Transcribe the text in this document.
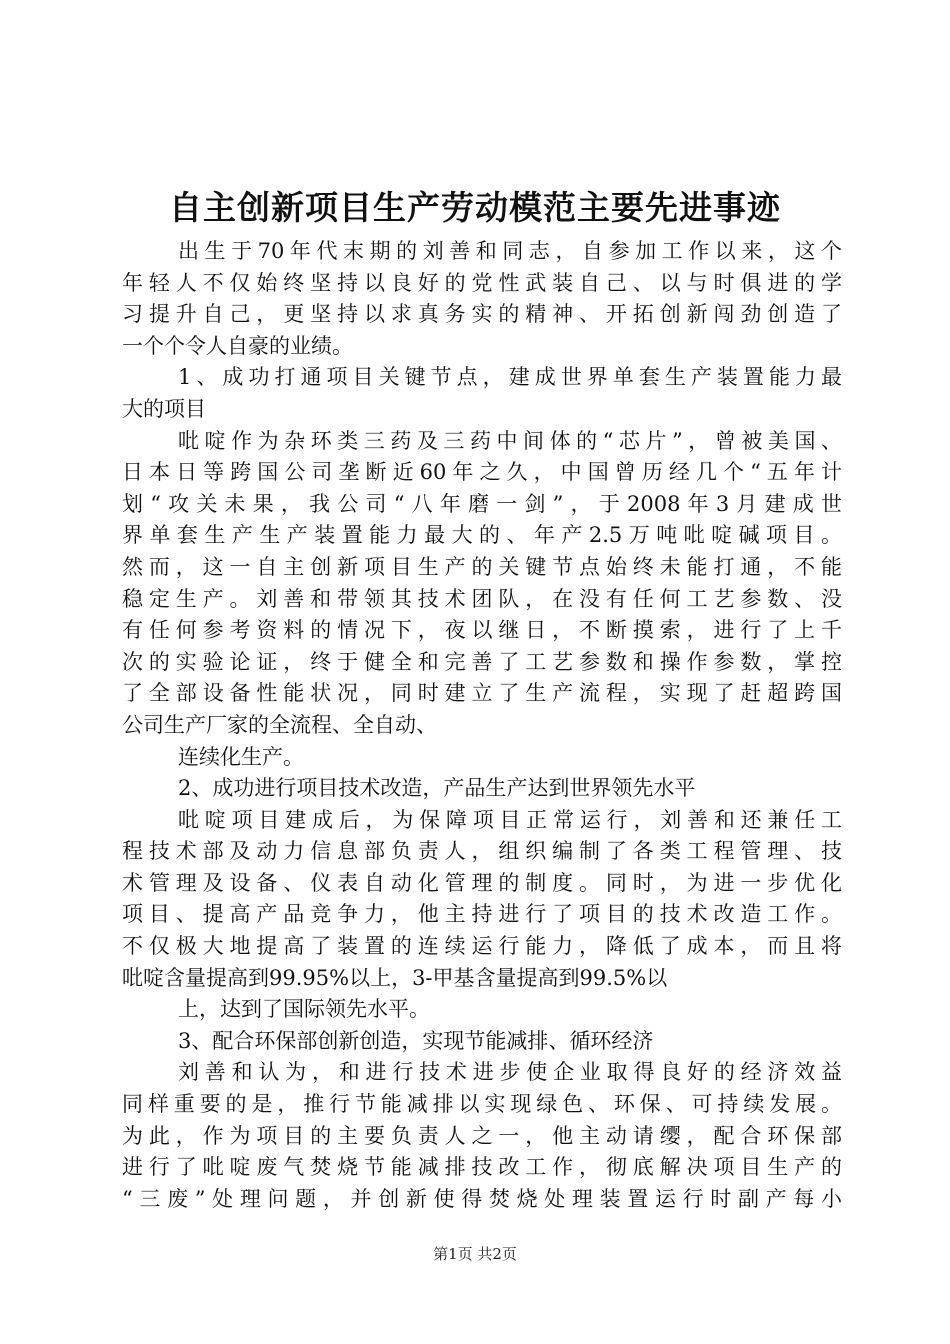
自主创新项目生产劳动模范主要先进事迹
出生于70年代末期的刘善和同志，自参加工作以来，这个
年轻人不仅始终坚持以良好的党性武装自己、以与时俱进的学
习提升自己，更坚持以求真务实的精神、开拓创新闯劲创造了
一个个令人自豪的业绩。
1、成功打通项目关键节点，建成世界单套生产装置能力最
大的项目
吡啶作为杂环类三药及三药中间体的“芯片”，曾被美国、
日本日等跨国公司垄断近60年之久，中国曾历经几个“五年计
划“攻关未果，我公司“八年磨一剑”，于2008年3月建成世
界单套生产生产装置能力最大的、年产2.5万吨吡啶碱项目。
然而，这一自主创新项目生产的关键节点始终未能打通，不能
稳定生产。刘善和带领其技术团队，在没有任何工艺参数、没
有任何参考资料的情况下，夜以继日，不断摸索，进行了上千
次的实验论证，终于健全和完善了工艺参数和操作参数，掌控
了全部设备性能状况，同时建立了生产流程，实现了赶超跨国
公司生产厂家的全流程、全自动、
连续化生产。
2、成功进行项目技术改造，产品生产达到世界领先水平
吡啶项目建成后，为保障项目正常运行，刘善和还兼任工
程技术部及动力信息部负责人，组织编制了各类工程管理、技
术管理及设备、仪表自动化管理的制度。同时，为进一步优化
项目、提高产品竞争力，他主持进行了项目的技术改造工作。
不仅极大地提高了装置的连续运行能力，降低了成本，而且将
吡啶含量提高到99.95%以上，3-甲基含量提高到99.5%以
上，达到了国际领先水平。
3、配合环保部创新创造，实现节能减排、循环经济
刘善和认为，和进行技术进步使企业取得良好的经济效益
同样重要的是，推行节能减排以实现绿色、环保、可持续发展。
为此，作为项目的主要负责人之一，他主动请缨，配合环保部
进行了吡啶废气焚烧节能减排技改工作，彻底解决项目生产的
“三废”处理问题，并创新使得焚烧处理装置运行时副产每小
第1页 共2页
